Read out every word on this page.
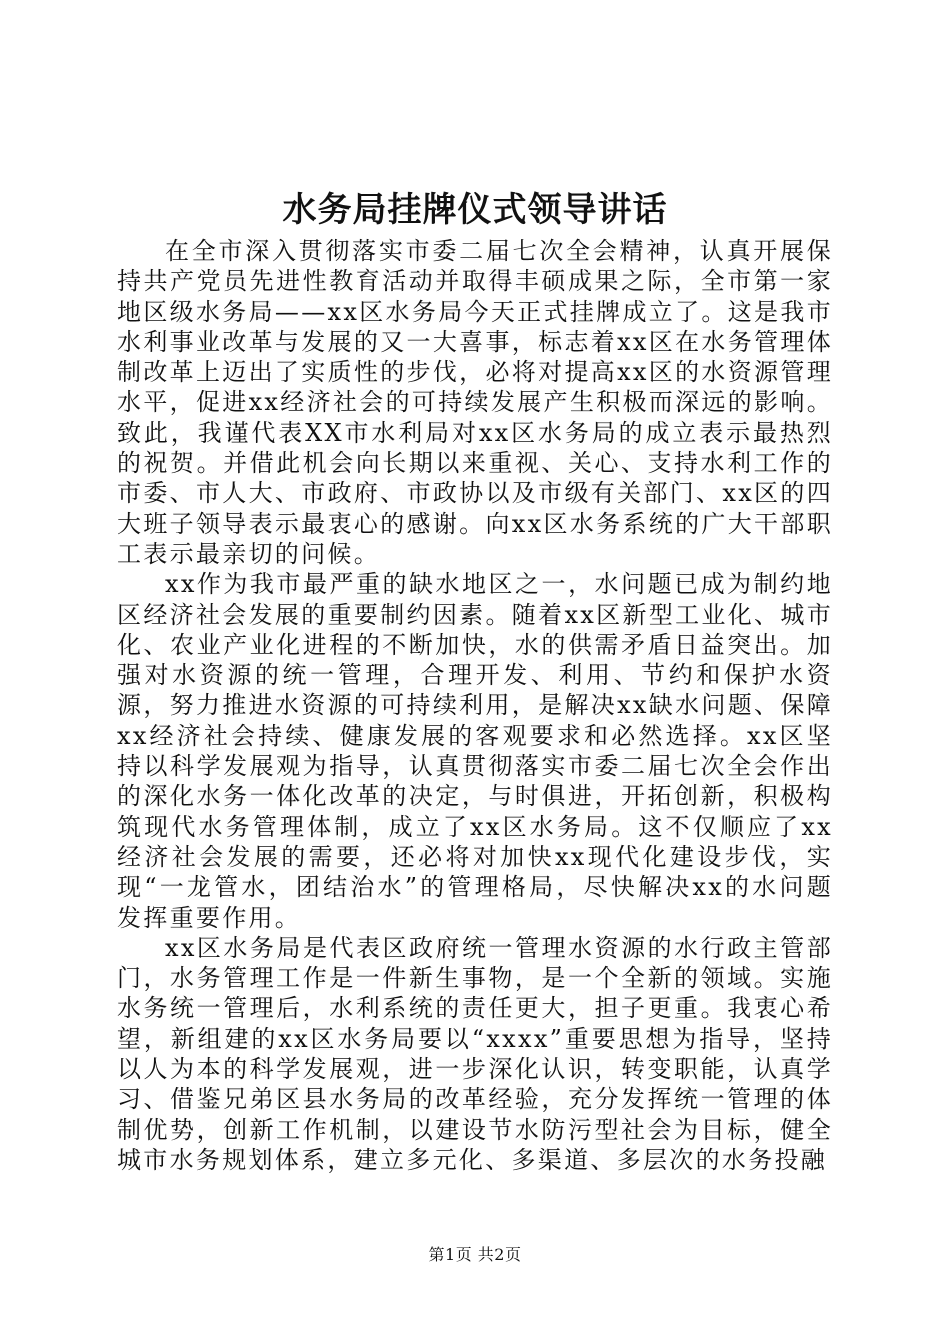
水务局挂牌仪式领导讲话

在全市深入贯彻落实市委二届七次全会精神，认真开展保持共产党员先进性教育活动并取得丰硕成果之际，全市第一家地区级水务局——xx区水务局今天正式挂牌成立了。这是我市水利事业改革与发展的又一大喜事，标志着xx区在水务管理体制改革上迈出了实质性的步伐，必将对提高xx区的水资源管理水平，促进xx经济社会的可持续发展产生积极而深远的影响。致此，我谨代表XX市水利局对xx区水务局的成立表示最热烈的祝贺。并借此机会向长期以来重视、关心、支持水利工作的市委、市人大、市政府、市政协以及市级有关部门、xx区的四大班子领导表示最衷心的感谢。向xx区水务系统的广大干部职工表示最亲切的问候。

xx作为我市最严重的缺水地区之一，水问题已成为制约地区经济社会发展的重要制约因素。随着xx区新型工业化、城市化、农业产业化进程的不断加快，水的供需矛盾日益突出。加强对水资源的统一管理，合理开发、利用、节约和保护水资源，努力推进水资源的可持续利用，是解决xx缺水问题、保障xx经济社会持续、健康发展的客观要求和必然选择。xx区坚持以科学发展观为指导，认真贯彻落实市委二届七次全会作出的深化水务一体化改革的决定，与时俱进，开拓创新，积极构筑现代水务管理体制，成立了xx区水务局。这不仅顺应了xx经济社会发展的需要，还必将对加快xx现代化建设步伐，实现“一龙管水，团结治水”的管理格局，尽快解决xx的水问题发挥重要作用。

xx区水务局是代表区政府统一管理水资源的水行政主管部门，水务管理工作是一件新生事物，是一个全新的领域。实施水务统一管理后，水利系统的责任更大，担子更重。我衷心希望，新组建的xx区水务局要以“xxxx”重要思想为指导，坚持以人为本的科学发展观，进一步深化认识，转变职能，认真学习、借鉴兄弟区县水务局的改革经验，充分发挥统一管理的体制优势，创新工作机制，以建设节水防污型社会为目标，健全城市水务规划体系，建立多元化、多渠道、多层次的水务投融

第1页 共2页
